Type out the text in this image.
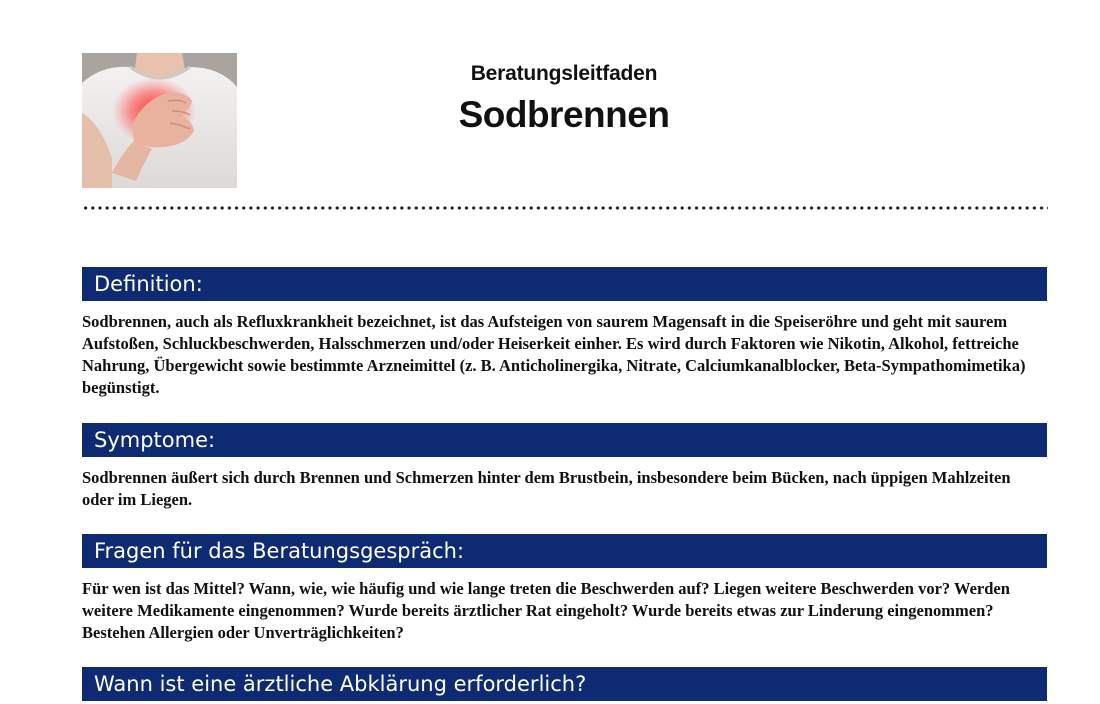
Beratungsleitfaden
Sodbrennen
Definition:
Sodbrennen, auch als Refluxkrankheit bezeichnet, ist das Aufsteigen von saurem Magensaft in die Speiseröhre und geht mit saurem Aufstoßen, Schluckbeschwerden, Halsschmerzen und/oder Heiserkeit einher. Es wird durch Faktoren wie Nikotin, Alkohol, fettreiche Nahrung, Übergewicht sowie bestimmte Arzneimittel (z. B. Anticholinergika, Nitrate, Calciumkanalblocker, Beta-Sympathomimetika) begünstigt.
Symptome:
Sodbrennen äußert sich durch Brennen und Schmerzen hinter dem Brustbein, insbesondere beim Bücken, nach üppigen Mahlzeiten oder im Liegen.
Fragen für das Beratungsgespräch:
Für wen ist das Mittel? Wann, wie, wie häufig und wie lange treten die Beschwerden auf? Liegen weitere Beschwerden vor? Werden weitere Medikamente eingenommen? Wurde bereits ärztlicher Rat eingeholt? Wurde bereits etwas zur Linderung eingenommen? Bestehen Allergien oder Unverträglichkeiten?
Wann ist eine ärztliche Abklärung erforderlich?
